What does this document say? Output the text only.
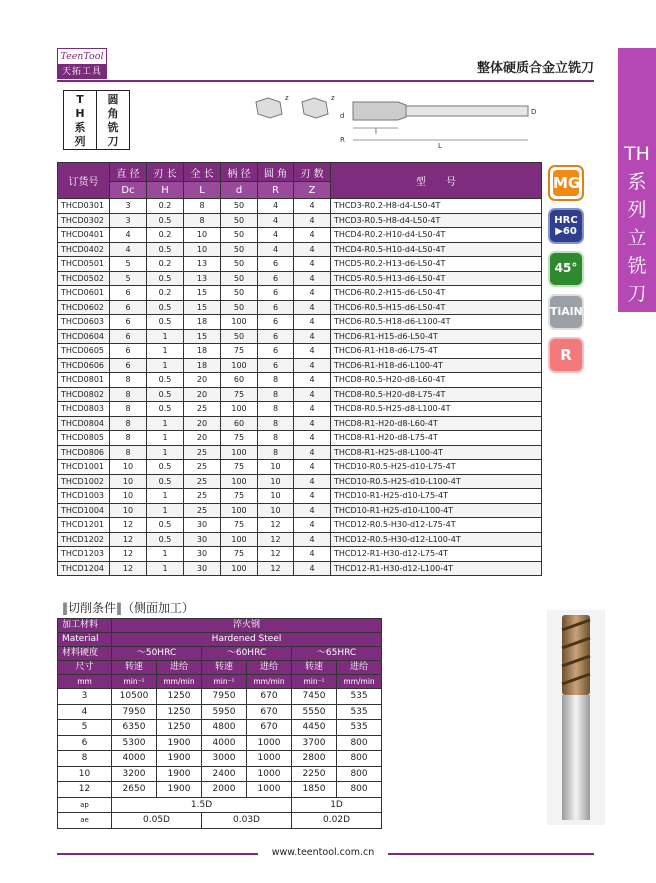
TeenTool
天拓工具	整体硬质合金立铣刀
TH
系
列
立
铣
刀
T
H
系
列
圆
角
铣
刀
z	z
d
R
l
L
D
订货号	直 径	刃 长	全 长	柄 径	圆 角	刃 数	型　　号
	Dc	H	L	d	R	Z	
THCD0301	3	0.2	8	50	4	4	THCD3-R0.2-H8-d4-L50-4T
THCD0302	3	0.5	8	50	4	4	THCD3-R0.5-H8-d4-L50-4T
THCD0401	4	0.2	10	50	4	4	THCD4-R0.2-H10-d4-L50-4T
THCD0402	4	0.5	10	50	4	4	THCD4-R0.5-H10-d4-L50-4T
THCD0501	5	0.2	13	50	6	4	THCD5-R0.2-H13-d6-L50-4T
THCD0502	5	0.5	13	50	6	4	THCD5-R0.5-H13-d6-L50-4T
THCD0601	6	0.2	15	50	6	4	THCD6-R0.2-H15-d6-L50-4T
THCD0602	6	0.5	15	50	6	4	THCD6-R0.5-H15-d6-L50-4T
THCD0603	6	0.5	18	100	6	4	THCD6-R0.5-H18-d6-L100-4T
THCD0604	6	1	15	50	6	4	THCD6-R1-H15-d6-L50-4T
THCD0605	6	1	18	75	6	4	THCD6-R1-H18-d6-L75-4T
THCD0606	6	1	18	100	6	4	THCD6-R1-H18-d6-L100-4T
THCD0801	8	0.5	20	60	8	4	THCD8-R0.5-H20-d8-L60-4T
THCD0802	8	0.5	20	75	8	4	THCD8-R0.5-H20-d8-L75-4T
THCD0803	8	0.5	25	100	8	4	THCD8-R0.5-H25-d8-L100-4T
THCD0804	8	1	20	60	8	4	THCD8-R1-H20-d8-L60-4T
THCD0805	8	1	20	75	8	4	THCD8-R1-H20-d8-L75-4T
THCD0806	8	1	25	100	8	4	THCD8-R1-H25-d8-L100-4T
THCD1001	10	0.5	25	75	10	4	THCD10-R0.5-H25-d10-L75-4T
THCD1002	10	0.5	25	100	10	4	THCD10-R0.5-H25-d10-L100-4T
THCD1003	10	1	25	75	10	4	THCD10-R1-H25-d10-L75-4T
THCD1004	10	1	25	100	10	4	THCD10-R1-H25-d10-L100-4T
THCD1201	12	0.5	30	75	12	4	THCD12-R0.5-H30-d12-L75-4T
THCD1202	12	0.5	30	100	12	4	THCD12-R0.5-H30-d12-L100-4T
THCD1203	12	1	30	75	12	4	THCD12-R1-H30-d12-L75-4T
THCD1204	12	1	30	100	12	4	THCD12-R1-H30-d12-L100-4T
MG
HRC
▶60
45°
TiAlN
R
‖切削条件‖（侧面加工）
加工材料	淬火钢					
Material	Hardened Steel					
材料硬度	～50HRC		～60HRC		～65HRC	
尺寸	转速	进给	转速	进给	转速	进给
mm	min⁻¹	mm/min	min⁻¹	mm/min	min⁻¹	mm/min
3	10500	1250	7950	670	7450	535
4	7950	1250	5950	670	5550	535
5	6350	1250	4800	670	4450	535
6	5300	1900	4000	1000	3700	800
8	4000	1900	3000	1000	2800	800
10	3200	1900	2400	1000	2250	800
12	2650	1900	2000	1000	1850	800
ap	1.5D				1D	
ae	0.05D		0.03D		0.02D	
www.teentool.com.cn
